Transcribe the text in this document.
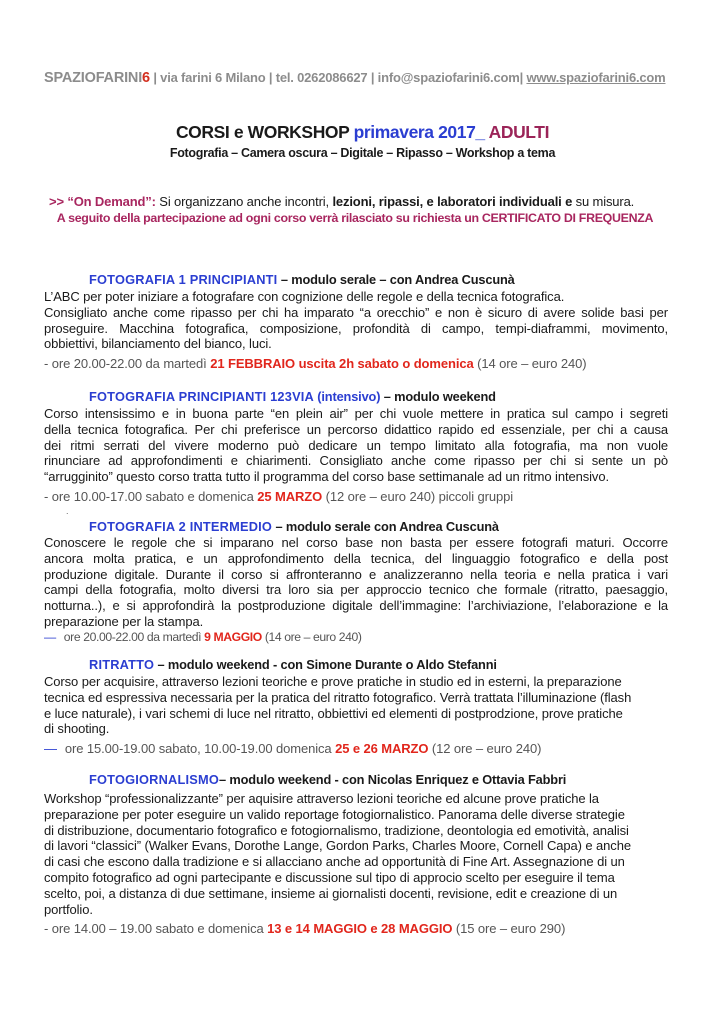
SPAZIOFARINI6 | via farini 6 Milano | tel. 0262086627 | info@spaziofarini6.com| www.spaziofarini6.com
CORSI e WORKSHOP primavera 2017_ ADULTI
Fotografia – Camera oscura – Digitale – Ripasso – Workshop a tema
>> “On Demand”: Si organizzano anche incontri, lezioni, ripassi, e laboratori individuali e su misura.
A seguito della partecipazione ad ogni corso verrà rilasciato su richiesta un CERTIFICATO DI FREQUENZA
FOTOGRAFIA 1 PRINCIPIANTI – modulo serale – con Andrea Cuscunà
L’ABC per poter iniziare a fotografare con cognizione delle regole e della tecnica fotografica.
Consigliato anche come ripasso per chi ha imparato “a orecchio” e non è sicuro di avere solide basi per
proseguire. Macchina fotografica, composizione, profondità di campo, tempi-diaframmi, movimento,
obbiettivi, bilanciamento del bianco, luci.
- ore 20.00-22.00 da martedì 21 FEBBRAIO uscita 2h sabato o domenica (14 ore – euro 240)
FOTOGRAFIA PRINCIPIANTI 123VIA (intensivo) – modulo weekend
Corso intensissimo e in buona parte “en plein air” per chi vuole mettere in pratica sul campo i segreti
della tecnica fotografica. Per chi preferisce un percorso didattico rapido ed essenziale, per chi a causa
dei ritmi serrati del vivere moderno può dedicare un tempo limitato alla fotografia, ma non vuole
rinunciare ad approfondimenti e chiarimenti. Consigliato anche come ripasso per chi si sente un pò
“arrugginito” questo corso tratta tutto il programma del corso base settimanale ad un ritmo intensivo.
- ore 10.00-17.00 sabato e domenica 25 MARZO (12 ore – euro 240) piccoli gruppi
.
FOTOGRAFIA 2 INTERMEDIO – modulo serale con Andrea Cuscunà
Conoscere le regole che si imparano nel corso base non basta per essere fotografi maturi. Occorre
ancora molta pratica, e un approfondimento della tecnica, del linguaggio fotografico e della post
produzione digitale. Durante il corso si affronteranno e analizzeranno nella teoria e nella pratica i vari
campi della fotografia, molto diversi tra loro sia per approccio tecnico che formale (ritratto, paesaggio,
notturna..), e si approfondirà la postproduzione digitale dell’immagine: l’archiviazione, l’elaborazione e la
preparazione per la stampa.
— ore 20.00-22.00 da martedì 9 MAGGIO (14 ore – euro 240)
RITRATTO – modulo weekend - con Simone Durante o Aldo Stefanni
Corso per acquisire, attraverso lezioni teoriche e prove pratiche in studio ed in esterni, la preparazione
tecnica ed espressiva necessaria per la pratica del ritratto fotografico. Verrà trattata l’illuminazione (flash
e luce naturale), i vari schemi di luce nel ritratto, obbiettivi ed elementi di postprodzione, prove pratiche
di shooting.
— ore 15.00-19.00 sabato, 10.00-19.00 domenica 25 e 26 MARZO (12 ore – euro 240)
FOTOGIORNALISMO– modulo weekend - con Nicolas Enriquez e Ottavia Fabbri
Workshop “professionalizzante” per aquisire attraverso lezioni teoriche ed alcune prove pratiche la
preparazione per poter eseguire un valido reportage fotogiornalistico. Panorama delle diverse strategie
di distribuzione, documentario fotografico e fotogiornalismo, tradizione, deontologia ed emotività, analisi
di lavori “classici” (Walker Evans, Dorothe Lange, Gordon Parks, Charles Moore, Cornell Capa) e anche
di casi che escono dalla tradizione e si allacciano anche ad opportunità di Fine Art. Assegnazione di un
compito fotografico ad ogni partecipante e discussione sul tipo di approcio scelto per eseguire il tema
scelto, poi, a distanza di due settimane, insieme ai giornalisti docenti, revisione, edit e creazione di un
portfolio.
- ore 14.00 – 19.00 sabato e domenica 13 e 14 MAGGIO e 28 MAGGIO (15 ore – euro 290)
